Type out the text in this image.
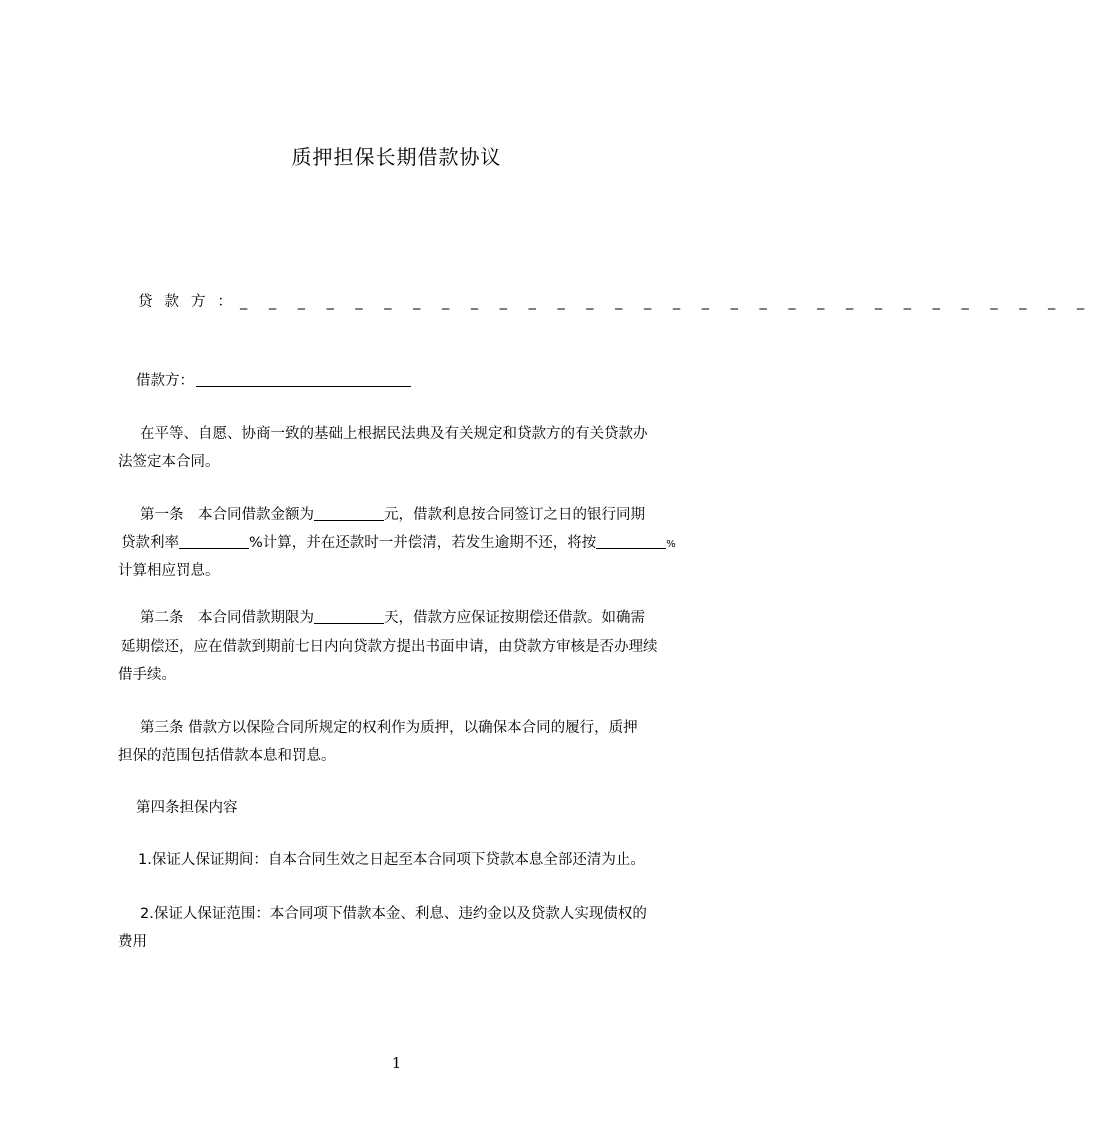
质押担保长期借款协议
贷款方：
_ _ _ _ _ _ _ _ _ _ _ _ _ _ _ _ _ _ _ _ _ _ _ _ _ _ _ _ _ _
借款方：
在平等、自愿、协商一致的基础上根据民法典及有关规定和贷款方的有关贷款办
法签定本合同。
第一条　本合同借款金额为	元，借款利息按合同签订之日的银行同期
贷款利率	%计算，并在还款时一并偿清，若发生逾期不还，将按	%
计算相应罚息。
第二条　本合同借款期限为	天，借款方应保证按期偿还借款。如确需
延期偿还，应在借款到期前七日内向贷款方提出书面申请，由贷款方审核是否办理续
借手续。
第三条 借款方以保险合同所规定的权利作为质押，以确保本合同的履行，质押
担保的范围包括借款本息和罚息。
第四条担保内容
1.保证人保证期间：自本合同生效之日起至本合同项下贷款本息全部还清为止。
2.保证人保证范围：本合同项下借款本金、利息、违约金以及贷款人实现债权的
费用
1
